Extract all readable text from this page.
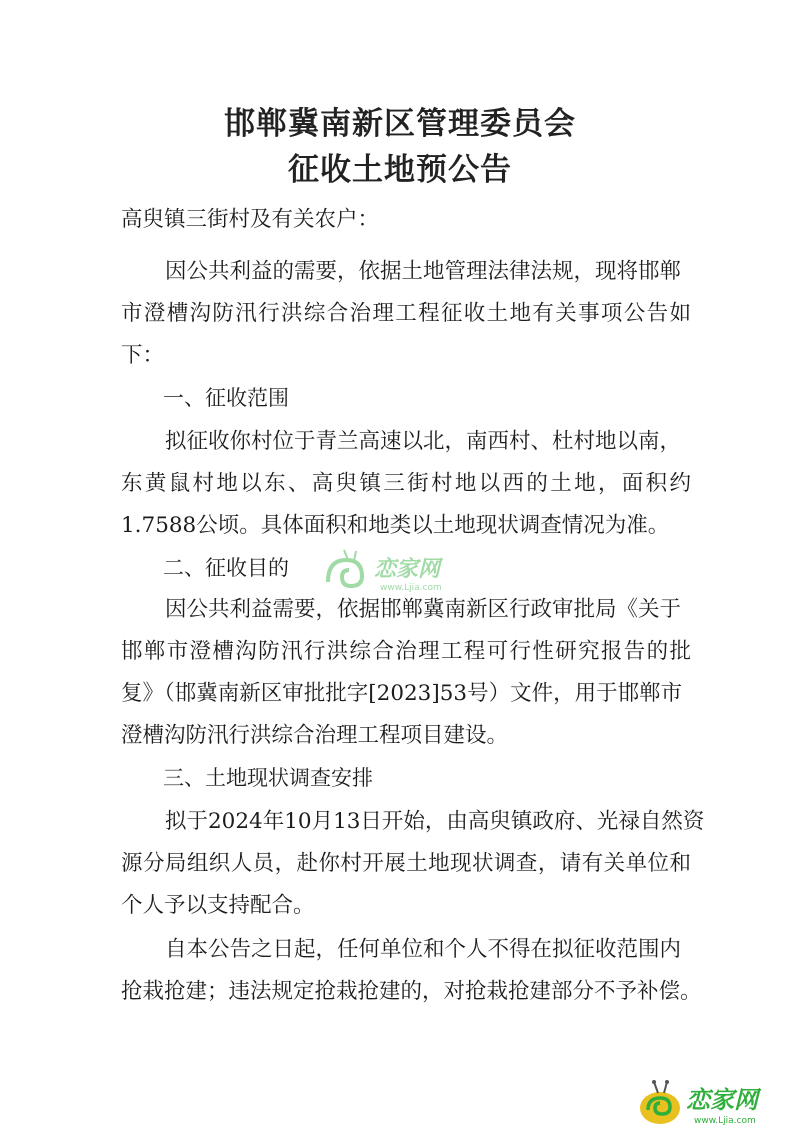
邯郸冀南新区管理委员会
征收土地预公告
高臾镇三街村及有关农户：
因公共利益的需要，依据土地管理法律法规，现将邯郸
市澄槽沟防汛行洪综合治理工程征收土地有关事项公告如
下：
一、征收范围
拟征收你村位于青兰高速以北，南西村、杜村地以南，
东黄鼠村地以东、高臾镇三街村地以西的土地，面积约
1.7588公顷。具体面积和地类以土地现状调查情况为准。
二、征收目的
因公共利益需要，依据邯郸冀南新区行政审批局《关于
邯郸市澄槽沟防汛行洪综合治理工程可行性研究报告的批
复》（邯冀南新区审批批字[2023]53号）文件，用于邯郸市
澄槽沟防汛行洪综合治理工程项目建设。
三、土地现状调查安排
拟于2024年10月13日开始，由高臾镇政府、光禄自然资
源分局组织人员，赴你村开展土地现状调查，请有关单位和
个人予以支持配合。
自本公告之日起，任何单位和个人不得在拟征收范围内
抢栽抢建；违法规定抢栽抢建的，对抢栽抢建部分不予补偿。
恋家网
www.Ljia.com
恋家网
www.Ljia.com
